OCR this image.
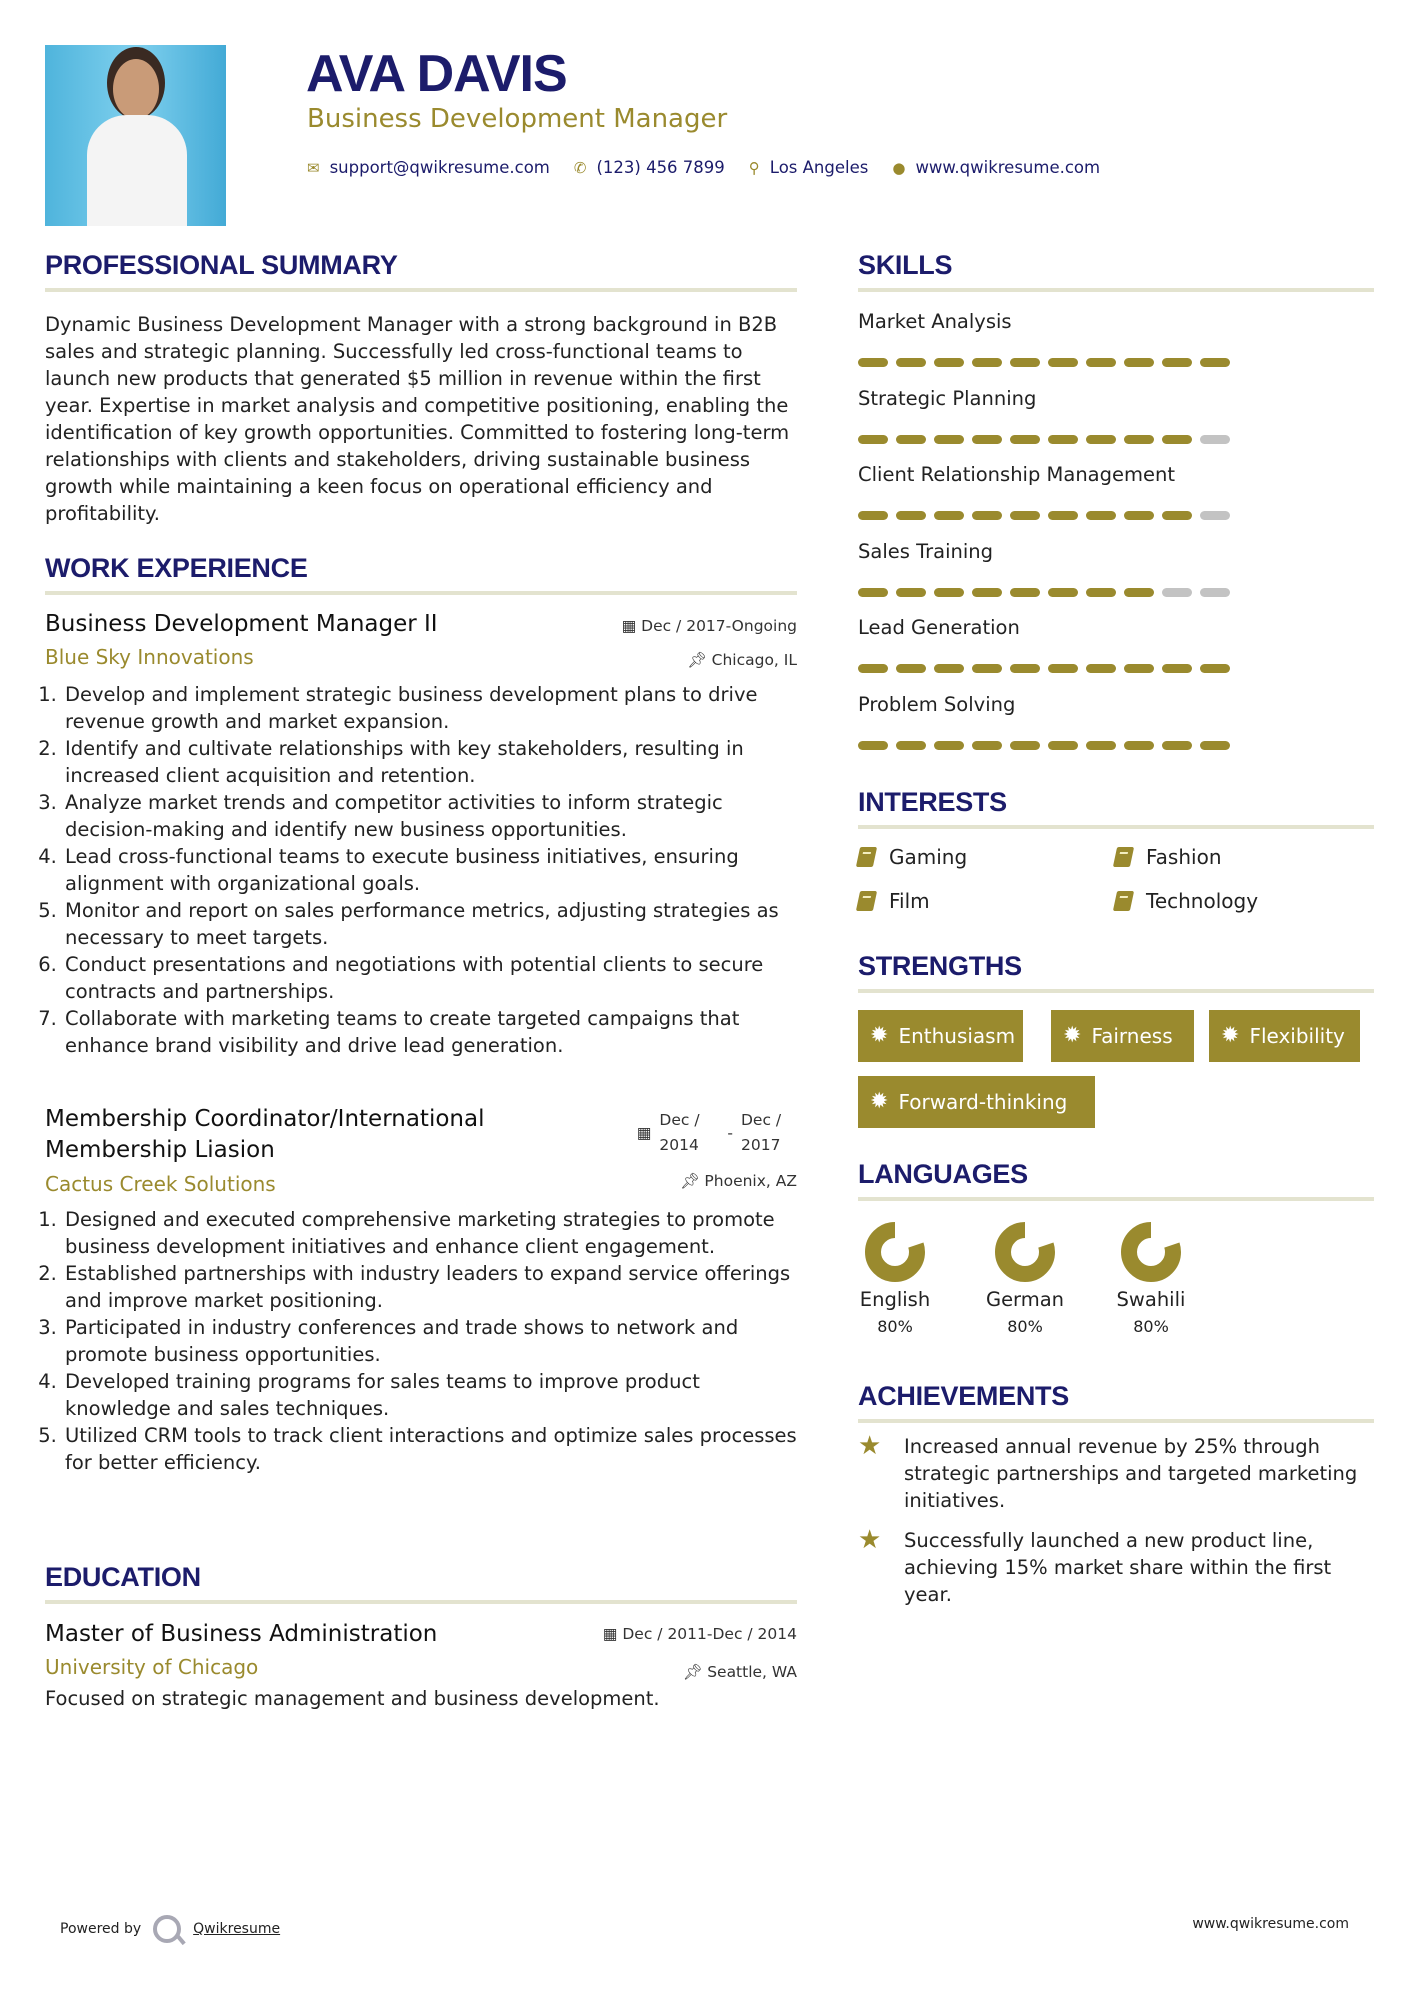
AVA DAVIS
Business Development Manager
✉ support@qwikresume.com ✆ (123) 456 7899 ⚲ Los Angeles ● www.qwikresume.com
PROFESSIONAL SUMMARY
Dynamic Business Development Manager with a strong background in B2B sales and strategic planning. Successfully led cross-functional teams to launch new products that generated $5 million in revenue within the first year. Expertise in market analysis and competitive positioning, enabling the identification of key growth opportunities. Committed to fostering long-term relationships with clients and stakeholders, driving sustainable business growth while maintaining a keen focus on operational efficiency and profitability.
WORK EXPERIENCE
Business Development Manager II	▦ Dec / 2017-Ongoing
Blue Sky Innovations	📌︎ Chicago, IL
1. Develop and implement strategic business development plans to drive revenue growth and market expansion.
2. Identify and cultivate relationships with key stakeholders, resulting in increased client acquisition and retention.
3. Analyze market trends and competitor activities to inform strategic decision-making and identify new business opportunities.
4. Lead cross-functional teams to execute business initiatives, ensuring alignment with organizational goals.
5. Monitor and report on sales performance metrics, adjusting strategies as necessary to meet targets.
6. Conduct presentations and negotiations with potential clients to secure contracts and partnerships.
7. Collaborate with marketing teams to create targeted campaigns that enhance brand visibility and drive lead generation.
Membership Coordinator/International Membership Liasion
▦
Dec / 2014
-
Dec / 2017
Cactus Creek Solutions	📌︎ Phoenix, AZ
1. Designed and executed comprehensive marketing strategies to promote business development initiatives and enhance client engagement.
2. Established partnerships with industry leaders to expand service offerings and improve market positioning.
3. Participated in industry conferences and trade shows to network and promote business opportunities.
4. Developed training programs for sales teams to improve product knowledge and sales techniques.
5. Utilized CRM tools to track client interactions and optimize sales processes for better efficiency.
EDUCATION
Master of Business Administration	▦ Dec / 2011-Dec / 2014
University of Chicago	📌︎ Seattle, WA
Focused on strategic management and business development.
SKILLS
Market Analysis
Strategic Planning
Client Relationship Management
Sales Training
Lead Generation
Problem Solving
INTERESTS
Gaming	Fashion
Film	Technology
STRENGTHS
✹ Enthusiasm ✹ Fairness ✹ Flexibility
✹ Forward-thinking
LANGUAGES
English
80%
German
80%
Swahili
80%
ACHIEVEMENTS
★	Increased annual revenue by 25% through strategic partnerships and targeted marketing initiatives.
★	Successfully launched a new product line, achieving 15% market share within the first year.
Powered by	Qwikresume	www.qwikresume.com
